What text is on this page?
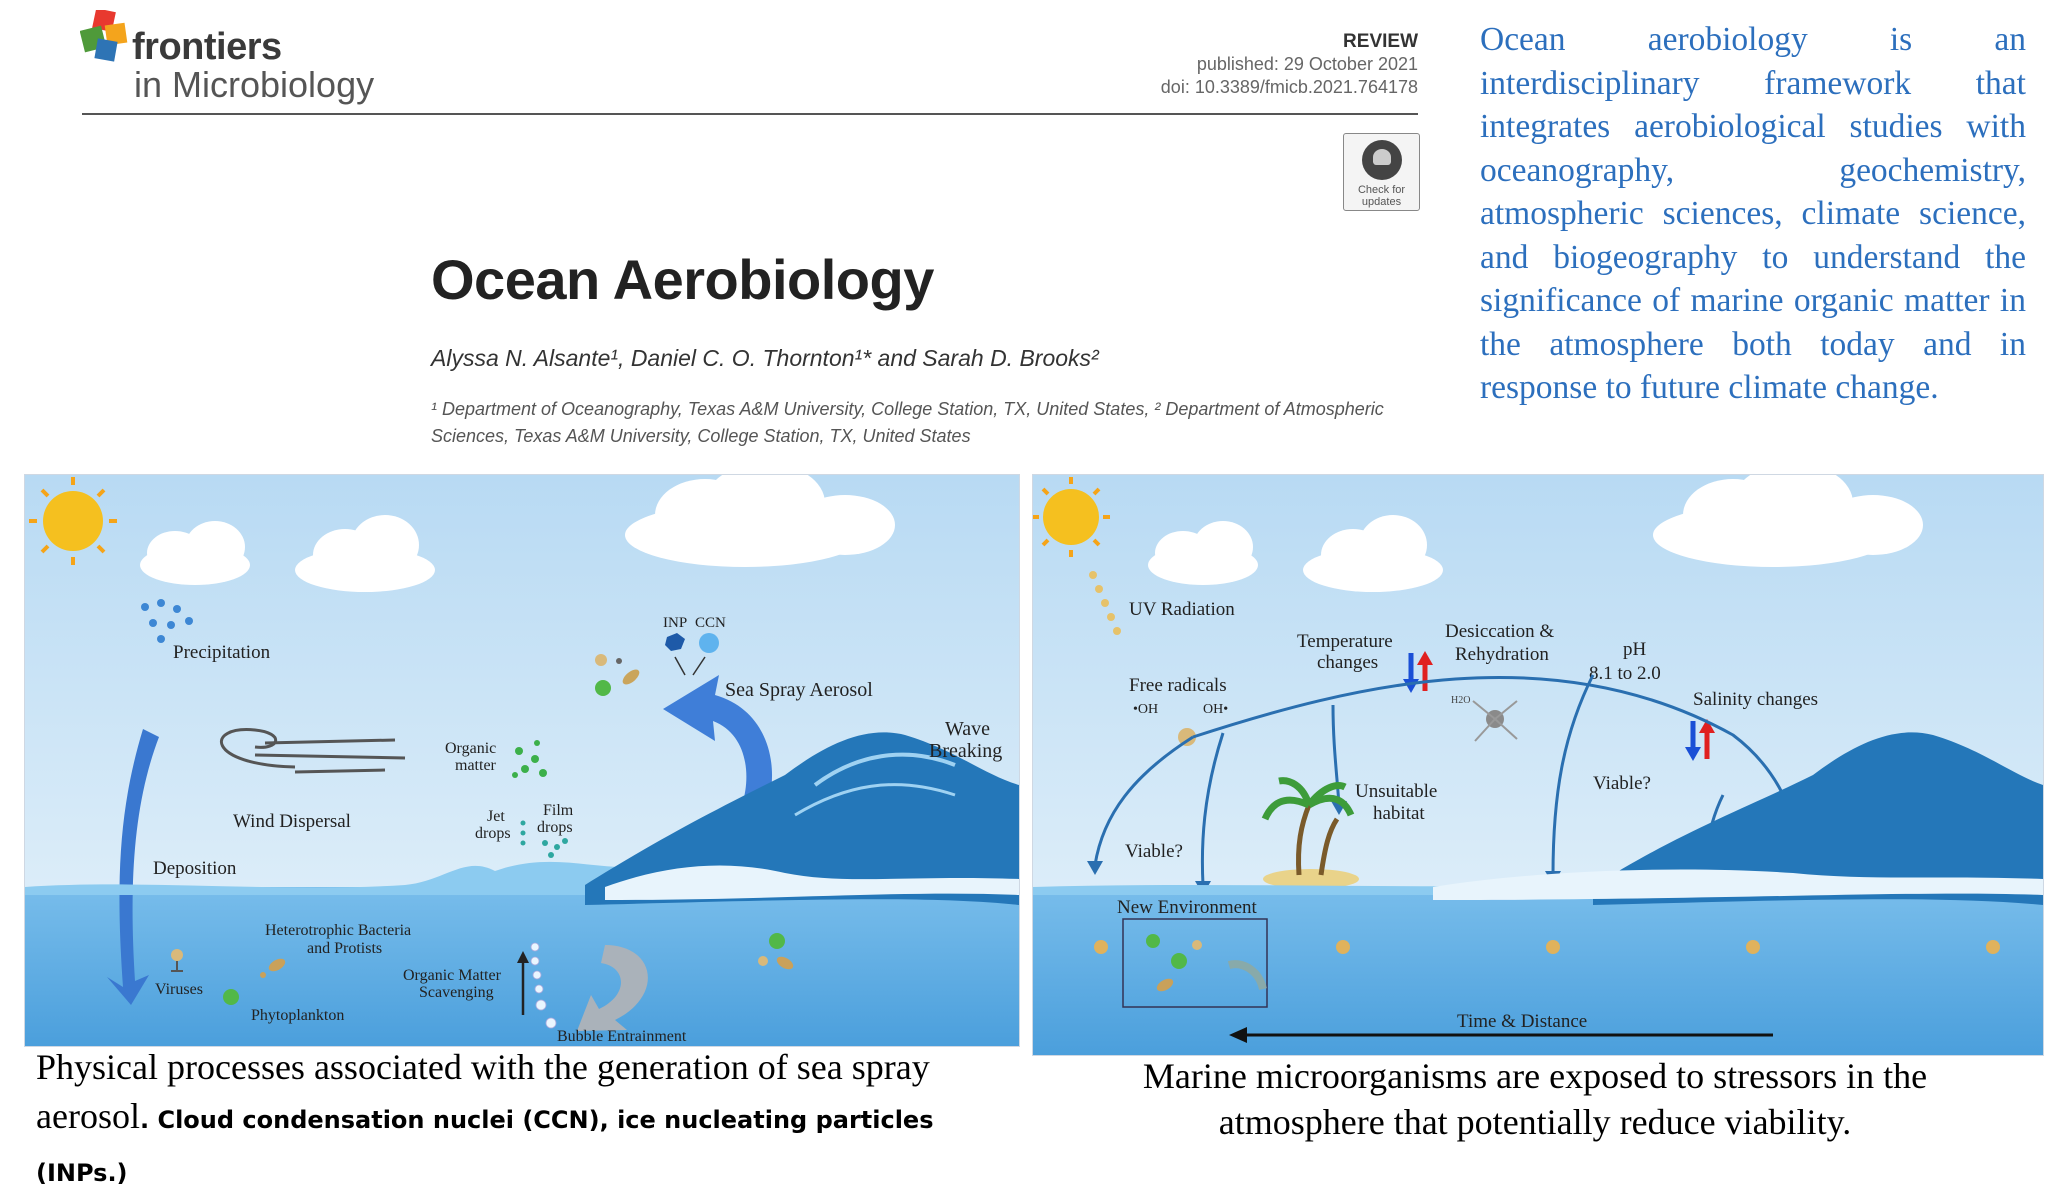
frontiers
in Microbiology
REVIEW
published: 29 October 2021
doi: 10.3389/fmicb.2021.764178
Check for updates
Ocean Aerobiology
Alyssa N. Alsante¹, Daniel C. O. Thornton¹* and Sarah D. Brooks²
¹ Department of Oceanography, Texas A&M University, College Station, TX, United States, ² Department of Atmospheric Sciences, Texas A&M University, College Station, TX, United States
Ocean aerobiology is an interdisciplinary framework that integrates aerobiological studies with oceanography, geochemistry, atmospheric sciences, climate science, and biogeography to understand the significance of marine organic matter in the atmosphere both today and in response to future climate change.
Precipitation
Wind Dispersal
Deposition
INP CCN
Sea Spray Aerosol
Organic
matter
Film
drops
Jet
drops
Wave
Breaking
Heterotrophic Bacteria
and Protists
Viruses
Phytoplankton
Organic Matter
Scavenging
Bubble Entrainment
UV Radiation
Free radicals
•OH	OH•
Temperature
changes
Desiccation &
Rehydration
H2O
pH
8.1 to 2.0
Salinity changes
Unsuitable
habitat
Viable?
Viable?
New Environment
Time & Distance
Physical processes associated with the generation of sea spray aerosol. Cloud condensation nuclei (CCN), ice nucleating particles (INPs.)
Marine microorganisms are exposed to stressors in the atmosphere that potentially reduce viability.
